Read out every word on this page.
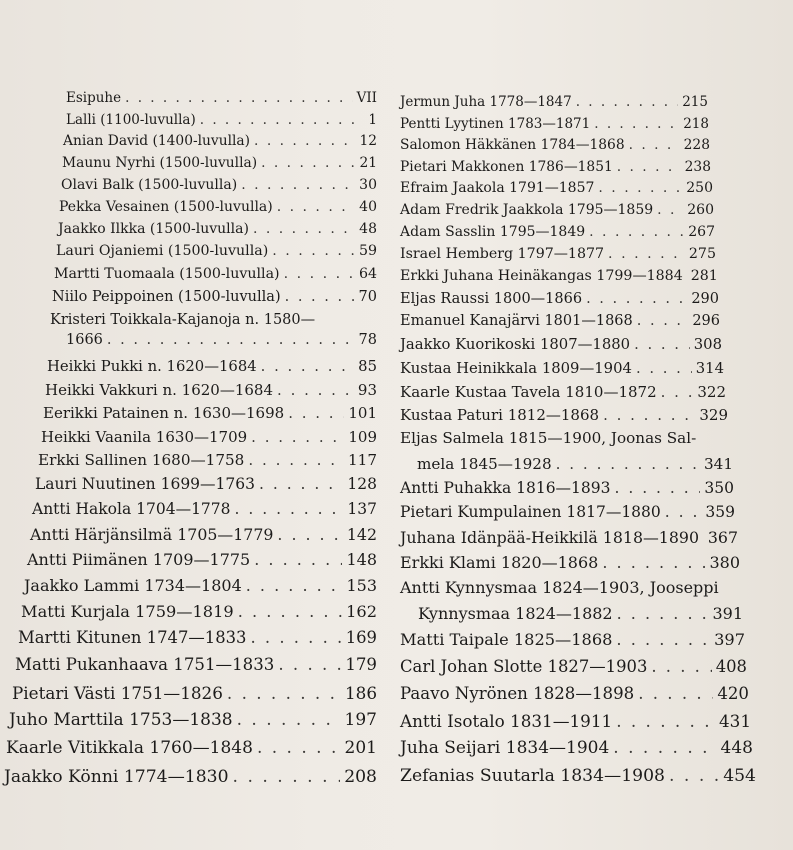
Esipuhe . . .	VII
Lalli (1100-luvulla) . . .	1
Anian David (1400-luvulla) . . .	12
Maunu Nyrhi (1500-luvulla) . . .	21
Olavi Balk (1500-luvulla) . . .	30
Pekka Vesainen (1500-luvulla) . . .	40
Jaakko Ilkka (1500-luvulla) . . .	48
Lauri Ojaniemi (1500-luvulla) . . .	59
Martti Tuomaala (1500-luvulla) . . .	64
Niilo Peippoinen (1500-luvulla) . . .	70
Kristeri Toikkala-Kajanoja n. 1580—
1666 . . .	78
Heikki Pukki n. 1620—1684 . . .	85
Heikki Vakkuri n. 1620—1684 . . .	93
Eerikki Patainen n. 1630—1698 . . .	101
Heikki Vaanila 1630—1709 . . .	109
Erkki Sallinen 1680—1758 . . .	117
Lauri Nuutinen 1699—1763 . . .	128
Antti Hakola 1704—1778 . . .	137
Antti Härjänsilmä 1705—1779 . . .	142
Antti Piimänen 1709—1775 . . .	148
Jaakko Lammi 1734—1804 . . .	153
Matti Kurjala 1759—1819 . . .	162
Martti Kitunen 1747—1833 . . .	169
Matti Pukanhaava 1751—1833 . . .	179
Pietari Västi 1751—1826 . . .	186
Juho Marttila 1753—1838 . . .	197
Kaarle Vitikkala 1760—1848 . . .	201
Jaakko Könni 1774—1830 . . .	208
Jermun Juha 1778—1847 . . .	215
Pentti Lyytinen 1783—1871 . . .	218
Salomon Häkkänen 1784—1868 . . .	228
Pietari Makkonen 1786—1851 . . .	238
Efraim Jaakola 1791—1857 . . .	250
Adam Fredrik Jaakkola 1795—1859 . . . 260
Adam Sasslin 1795—1849 . . .	267
Israel Hemberg 1797—1877 . . .	275
Erkki Juhana Heinäkangas 1799—1884 281
Eljas Raussi 1800—1866 . . .	290
Emanuel Kanajärvi 1801—1868 . . .	296
Jaakko Kuorikoski 1807—1880 . . .	308
Kustaa Heinikkala 1809—1904 . . .	314
Kaarle Kustaa Tavela 1810—1872 . . .	322
Kustaa Paturi 1812—1868 . . .	329
Eljas Salmela 1815—1900, Joonas Sal-
mela 1845—1928 . . .	341
Antti Puhakka 1816—1893 . . .	350
Pietari Kumpulainen 1817—1880 . . .	359
Juhana Idänpää-Heikkilä 1818—1890 . . . 367
Erkki Klami 1820—1868 . . .	380
Antti Kynnysmaa 1824—1903, Jooseppi
Kynnysmaa 1824—1882 . . .	391
Matti Taipale 1825—1868 . . .	397
Carl Johan Slotte 1827—1903 . . .	408
Paavo Nyrönen 1828—1898 . . .	420
Antti Isotalo 1831—1911 . . .	431
Juha Seijari 1834—1904 . . .	448
Zefanias Suutarla 1834—1908 . . .	454
